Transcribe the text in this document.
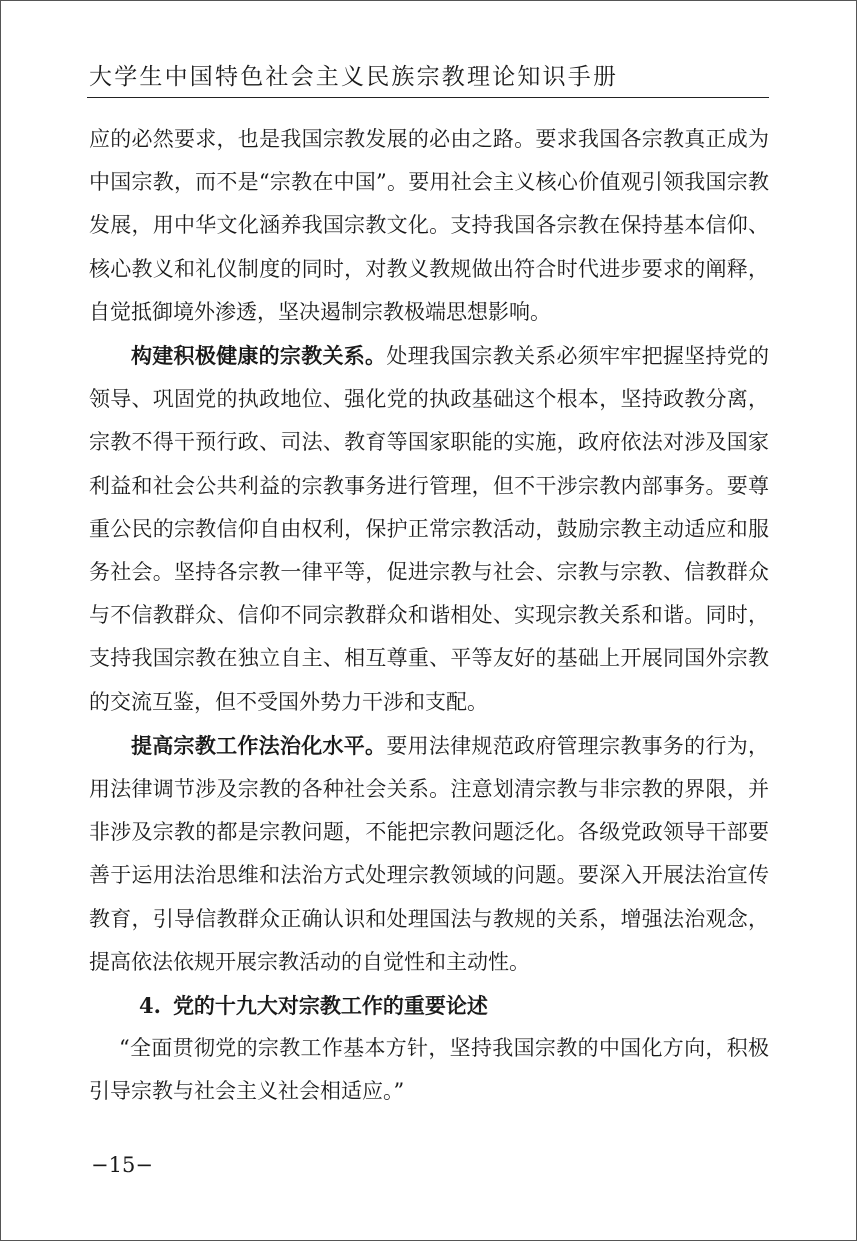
大学生中国特色社会主义民族宗教理论知识手册

应的必然要求，也是我国宗教发展的必由之路。要求我国各宗教真正成为中国宗教，而不是“宗教在中国”。要用社会主义核心价值观引领我国宗教发展，用中华文化涵养我国宗教文化。支持我国各宗教在保持基本信仰、核心教义和礼仪制度的同时，对教义教规做出符合时代进步要求的阐释，自觉抵御境外渗透，坚决遏制宗教极端思想影响。

构建积极健康的宗教关系。处理我国宗教关系必须牢牢把握坚持党的领导、巩固党的执政地位、强化党的执政基础这个根本，坚持政教分离，宗教不得干预行政、司法、教育等国家职能的实施，政府依法对涉及国家利益和社会公共利益的宗教事务进行管理，但不干涉宗教内部事务。要尊重公民的宗教信仰自由权利，保护正常宗教活动，鼓励宗教主动适应和服务社会。坚持各宗教一律平等，促进宗教与社会、宗教与宗教、信教群众与不信教群众、信仰不同宗教群众和谐相处、实现宗教关系和谐。同时，支持我国宗教在独立自主、相互尊重、平等友好的基础上开展同国外宗教的交流互鉴，但不受国外势力干涉和支配。

提高宗教工作法治化水平。要用法律规范政府管理宗教事务的行为，用法律调节涉及宗教的各种社会关系。注意划清宗教与非宗教的界限，并非涉及宗教的都是宗教问题，不能把宗教问题泛化。各级党政领导干部要善于运用法治思维和法治方式处理宗教领域的问题。要深入开展法治宣传教育，引导信教群众正确认识和处理国法与教规的关系，增强法治观念，提高依法依规开展宗教活动的自觉性和主动性。

4. 党的十九大对宗教工作的重要论述

“全面贯彻党的宗教工作基本方针，坚持我国宗教的中国化方向，积极引导宗教与社会主义社会相适应。”

−15−
